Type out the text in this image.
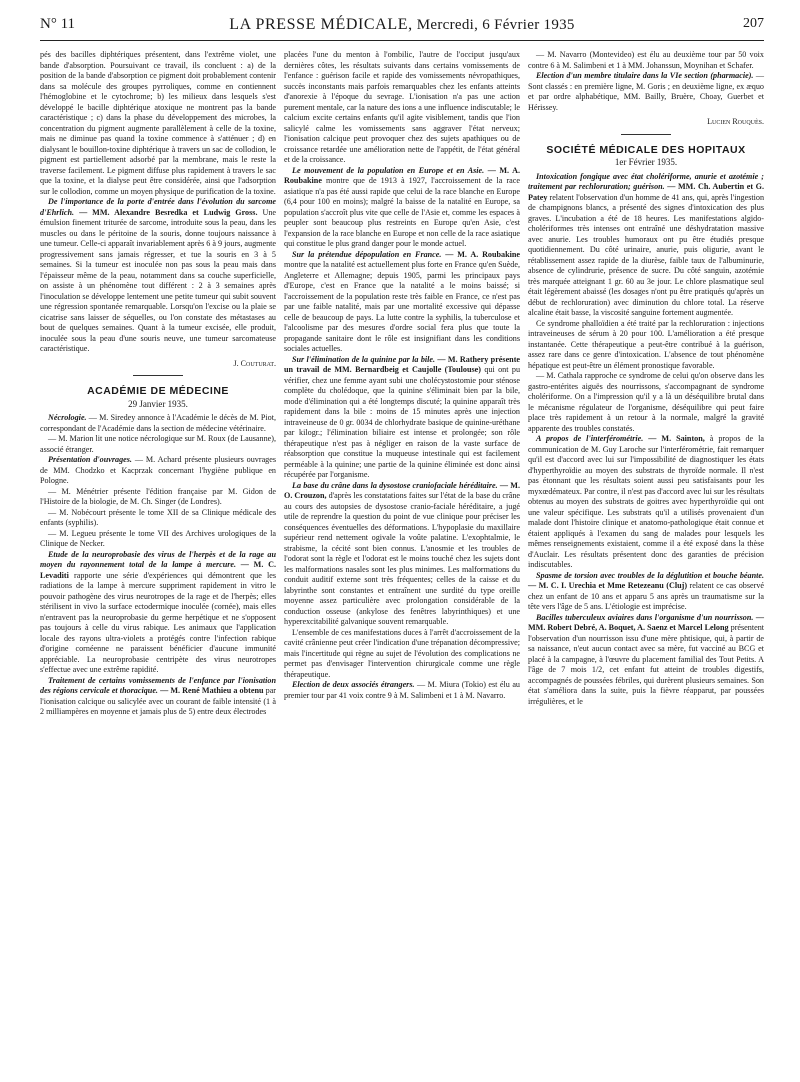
N° 11	LA PRESSE MÉDICALE, Mercredi, 6 Février 1935	207

pés des bacilles diphtériques présentent, dans l'extrême violet, une bande d'absorption. Poursuivant ce travail, ils concluent : a) de la position de la bande d'absorption ce pigment doit probablement contenir dans sa molécule des groupes pyrroliques, comme en contiennent l'hémoglobine et le cytochrome; b) les milieux dans lesquels s'est développé le bacille diphtérique atoxique ne montrent pas la bande caractéristique ; c) dans la phase du développement des microbes, la concentration du pigment augmente parallèlement à celle de la toxine, mais ne diminue pas quand la toxine commence à s'atténuer ; d) en dialysant le bouillon-toxine diphtérique à travers un sac de collodion, le pigment est partiellement adsorbé par la membrane, mais le reste la traverse facilement. Le pigment diffuse plus rapidement à travers le sac que la toxine, et la dialyse peut être considérée, ainsi que l'adsorption sur le collodion, comme un moyen physique de purification de la toxine.

De l'importance de la porte d'entrée dans l'évolution du sarcome d'Ehrlich. — MM. Alexandre Besredka et Ludwig Gross. Une émulsion finement triturée de sarcome, introduite sous la peau, dans les muscles ou dans le péritoine de la souris, donne toujours naissance à une tumeur. Celle-ci apparaît invariablement après 6 à 9 jours, augmente progressivement sans jamais régresser, et tue la souris en 3 à 5 semaines. Si la tumeur est inoculée non pas sous la peau mais dans l'épaisseur même de la peau, notamment dans sa couche superficielle, on assiste à un phénomène tout différent : 2 à 3 semaines après l'inoculation se développe lentement une petite tumeur qui subit souvent une régression spontanée remarquable. Lorsqu'on l'excise ou la plaie se cicatrise sans laisser de séquelles, ou l'on constate des métastases au bout de quelques semaines. Quant à la tumeur excisée, elle produit, inoculée sous la peau d'une souris neuve, une tumeur sarcomateuse caractéristique.

J. Couturat.

ACADÉMIE DE MÉDECINE

29 Janvier 1935.

Nécrologie. — M. Siredey annonce à l'Académie le décès de M. Piot, correspondant de l'Académie dans la section de médecine vétérinaire.

— M. Marion lit une notice nécrologique sur M. Roux (de Lausanne), associé étranger.

Présentation d'ouvrages. — M. Achard présente plusieurs ouvrages de MM. Chodzko et Kacprzak concernant l'hygiène publique en Pologne.

— M. Ménétrier présente l'édition française par M. Gidon de l'Histoire de la biologie, de M. Ch. Singer (de Londres).

— M. Nobécourt présente le tome XII de sa Clinique médicale des enfants (syphilis).

— M. Legueu présente le tome VII des Archives urologiques de la Clinique de Necker.

Etude de la neuroprobasie des virus de l'herpès et de la rage au moyen du rayonnement total de la lampe à mercure. — M. C. Levaditi rapporte une série d'expériences qui démontrent que les radiations de la lampe à mercure suppriment rapidement in vitro le pouvoir pathogène des virus neurotropes de la rage et de l'herpès; elles stérilisent in vivo la surface ectodermique inoculée (cornée), mais elles n'entravent pas la neuroprobasie du germe herpétique et ne s'opposent pas toujours à celle du virus rabique. Les animaux que l'application locale des rayons ultra-violets a protégés contre l'infection rabique d'origine cornéenne ne paraissent bénéficier d'aucune immunité appréciable. La neuroprobasie centripète des virus neurotropes s'effectue avec une extrême rapidité.

Traitement de certains vomissements de l'enfance par l'ionisation des régions cervicale et thoracique. — M. René Mathieu a obtenu par l'ionisation calcique ou salicylée avec un courant de faible intensité (1 à 2 milliampères en moyenne et jamais plus de 5) entre deux électrodes

placées l'une du menton à l'ombilic, l'autre de l'occiput jusqu'aux dernières côtes, les résultats suivants dans certains vomissements de l'enfance : guérison facile et rapide des vomissements névropathiques, succès inconstants mais parfois remarquables chez les enfants atteints d'anorexie à l'époque du sevrage. L'ionisation n'a pas une action purement mentale, car la nature des ions a une influence indiscutable; le calcium excite certains enfants qu'il agite visiblement, tandis que l'ion salicylé calme les vomissements sans aggraver l'état nerveux; l'ionisation calcique peut provoquer chez des sujets apathiques ou de croissance retardée une amélioration nette de l'appétit, de l'état général et de la croissance.

Le mouvement de la population en Europe et en Asie. — M. A. Roubakine montre que de 1913 à 1927, l'accroissement de la race asiatique n'a pas été aussi rapide que celui de la race blanche en Europe (6,4 pour 100 en moins); malgré la baisse de la natalité en Europe, sa population s'accroît plus vite que celle de l'Asie et, comme les espaces à peupler sont beaucoup plus restreints en Europe qu'en Asie, c'est l'expansion de la race blanche en Europe et non celle de la race asiatique qui constitue le plus grand danger pour le monde actuel.

Sur la prétendue dépopulation en France. — M. A. Roubakine montre que la natalité est actuellement plus forte en France qu'en Suède, Angleterre et Allemagne; depuis 1905, parmi les principaux pays d'Europe, c'est en France que la natalité a le moins baissé; si l'accroissement de la population reste très faible en France, ce n'est pas par une faible natalité, mais par une mortalité excessive qui dépasse celle de beaucoup de pays. La lutte contre la syphilis, la tuberculose et l'alcoolisme par des mesures d'ordre social fera plus que toute la propagande sanitaire dont le rôle est insignifiant dans les conditions sociales actuelles.

Sur l'élimination de la quinine par la bile. — M. Rathery présente un travail de MM. Bernardbeig et Caujolle (Toulouse) qui ont pu vérifier, chez une femme ayant subi une cholécystostomie pour sténose complète du cholédoque, que la quinine s'éliminait bien par la bile, mode d'élimination qui a été longtemps discuté; la quinine apparaît très rapidement dans la bile : moins de 15 minutes après une injection intraveineuse de 0 gr. 0034 de chlorhydrate basique de quinine-uréthane par kilogr.; l'élimination biliaire est intense et prolongée; son rôle thérapeutique n'est pas à négliger en raison de la vaste surface de réabsorption que constitue la muqueuse intestinale qui est facilement perméable à la quinine; une partie de la quinine éliminée est donc ainsi récupérée par l'organisme.

La base du crâne dans la dysostose craniofaciale héréditaire. — M. O. Crouzon, d'après les constatations faites sur l'état de la base du crâne au cours des autopsies de dysostose cranio-faciale héréditaire, a jugé utile de reprendre la question du point de vue clinique pour préciser les conséquences éventuelles des déformations. L'hypoplasie du maxillaire supérieur rend nettement ogivale la voûte palatine. L'exophtalmie, le strabisme, la cécité sont bien connus. L'anosmie et les troubles de l'odorat sont la règle et l'odorat est le moins touché chez les sujets dont les malformations nasales sont les plus minimes. Les malformations du conduit auditif externe sont très fréquentes; celles de la caisse et du labyrinthe sont constantes et entraînent une surdité du type oreille moyenne assez particulière avec prolongation considérable de la conduction osseuse (ankylose des fenêtres labyrinthiques) et une hyperexcitabilité galvanique souvent remarquable.

L'ensemble de ces manifestations duces à l'arrêt d'accroissement de la cavité crânienne peut créer l'indication d'une trépanation décompressive; mais l'incertitude qui règne au sujet de l'évolution des complications ne permet pas d'envisager l'intervention chirurgicale comme une règle thérapeutique.

Election de deux associés étrangers. — M. Miura (Tokio) est élu au premier tour par 41 voix contre 9 à M. Salimbeni et 1 à M. Navarro.

— M. Navarro (Montevideo) est élu au deuxième tour par 50 voix contre 6 à M. Salimbeni et 1 à MM. Johanssun, Moynihan et Schafer.

Election d'un membre titulaire dans la VIe section (pharmacie). — Sont classés : en première ligne, M. Goris ; en deuxième ligne, ex æquo et par ordre alphabétique, MM. Bailly, Bruère, Choay, Guerbet et Hérissey.

Lucien Rouquès.

SOCIÉTÉ MÉDICALE DES HOPITAUX

1er Février 1935.

Intoxication fongique avec état cholériforme, anurie et azotémie ; traitement par rechloruration; guérison. — MM. Ch. Aubertin et G. Patey relatent l'observation d'un homme de 41 ans, qui, après l'ingestion de champignons blancs, a présenté des signes d'intoxication des plus graves. L'incubation a été de 18 heures. Les manifestations algido-cholériformes très intenses ont entraîné une déshydratation massive avec anurie. Les troubles humoraux ont pu être étudiés presque quotidiennement. Du côté urinaire, anurie, puis oligurie, avant le rétablissement assez rapide de la diurèse, faible taux de l'albuminurie, absence de cylindrurie, présence de sucre. Du côté sanguin, azotémie très marquée atteignant 1 gr. 60 au 3e jour. Le chlore plasmatique seul était légèrement abaissé (les dosages n'ont pu être pratiqués qu'après un début de rechloruration) avec diminution du chlore total. La réserve alcaline était basse, la viscosité sanguine fortement augmentée.

Ce syndrome phalloïdien a été traité par la rechloruration : injections intraveineuses de sérum à 20 pour 100. L'amélioration a été presque instantanée. Cette thérapeutique a peut-être contribué à la guérison, assez rare dans ce genre d'intoxication. L'absence de tout phénomène hépatique est peut-être un élément pronostique favorable.

— M. Cathala rapproche ce syndrome de celui qu'on observe dans les gastro-entérites aiguës des nourrissons, s'accompagnant de syndrome cholériforme. On a l'impression qu'il y a là un déséquilibre brutal dans le mécanisme régulateur de l'organisme, déséquilibre qui peut faire place très rapidement à un retour à la normale, malgré la gravité apparente des troubles constatés.

A propos de l'interférométrie. — M. Sainton, à propos de la communication de M. Guy Laroche sur l'interférométrie, fait remarquer qu'il est d'accord avec lui sur l'impossibilité de diagnostiquer les états d'hyperthyroïdie au moyen des substrats de thyroïde normale. Il n'est pas étonnant que les résultats soient aussi peu satisfaisants pour les myxœdémateux. Par contre, il n'est pas d'accord avec lui sur les résultats obtenus au moyen des substrats de goitres avec hyperthyroïdie qui ont une valeur spécifique. Les substrats qu'il a utilisés provenaient d'un malade dont l'histoire clinique et anatomo-pathologique était connue et étaient appliqués à l'examen du sang de malades pour lesquels les mêmes renseignements existaient, comme il a été exposé dans la thèse d'Auclair. Les résultats présentent donc des garanties de précision indiscutables.

Spasme de torsion avec troubles de la déglutition et bouche béante. — M. C. I. Urechia et Mme Retezeanu (Cluj) relatent ce cas observé chez un enfant de 10 ans et apparu 5 ans après un traumatisme sur la tête vers l'âge de 5 ans. L'étiologie est imprécise.

Bacilles tuberculeux aviaires dans l'organisme d'un nourrisson. — MM. Robert Debré, A. Boquet, A. Saenz et Marcel Lelong présentent l'observation d'un nourrisson issu d'une mère phtisique, qui, à partir de sa naissance, n'eut aucun contact avec sa mère, fut vacciné au BCG et placé à la campagne, à l'œuvre du placement familial des Tout Petits. A l'âge de 7 mois 1/2, cet enfant fut atteint de troubles digestifs, accompagnés de poussées fébriles, qui durèrent plusieurs semaines. Son état s'améliora dans la suite, puis la fièvre réapparut, par poussées irrégulières, et le
